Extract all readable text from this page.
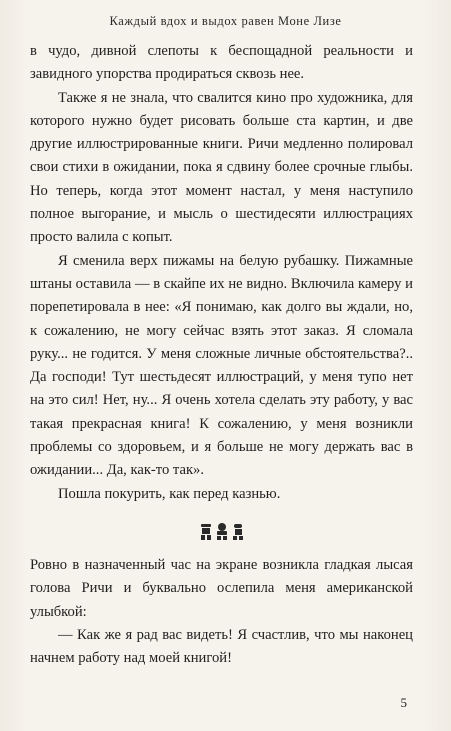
Каждый вдох и выдох равен Моне Лизе

в чудо, дивной слепоты к беспощадной реальности и завидного упорства продираться сквозь нее.

Также я не знала, что свалится кино про художника, для которого нужно будет рисовать больше ста картин, и две другие иллюстрированные книги. Ричи медленно полировал свои стихи в ожидании, пока я сдвину более срочные глыбы. Но теперь, когда этот момент настал, у меня наступило полное выгорание, и мысль о шестидесяти иллюстрациях просто валила с копыт.

Я сменила верх пижамы на белую рубашку. Пижамные штаны оставила — в скайпе их не видно. Включила камеру и порепетировала в нее: «Я понимаю, как долго вы ждали, но, к сожалению, не могу сейчас взять этот заказ. Я сломала руку... не годится. У меня сложные личные обстоятельства?.. Да господи! Тут шестьдесят иллюстраций, у меня тупо нет на это сил! Нет, ну... Я очень хотела сделать эту работу, у вас такая прекрасная книга! К сожалению, у меня возникли проблемы со здоровьем, и я больше не могу держать вас в ожидании... Да, как-то так».

Пошла покурить, как перед казнью.

Ровно в назначенный час на экране возникла гладкая лысая голова Ричи и буквально ослепила меня американской улыбкой:

— Как же я рад вас видеть! Я счастлив, что мы наконец начнем работу над моей книгой!

5
